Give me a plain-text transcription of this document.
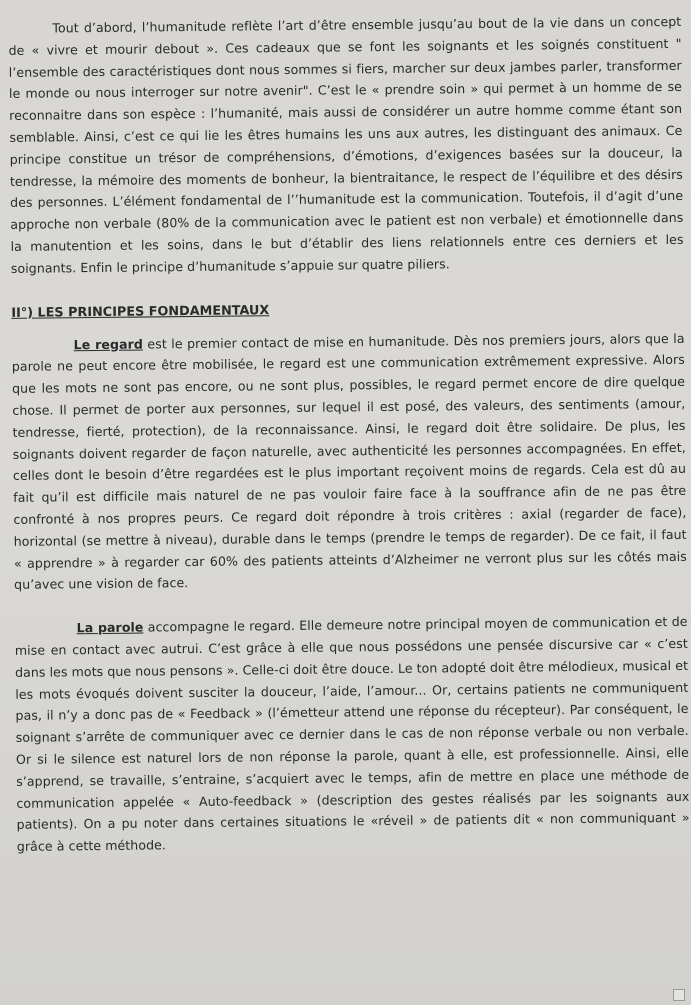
Tout d’abord, l’humanitude reflète l’art d’être ensemble jusqu’au bout de la vie dans un concept de « vivre et mourir debout ». Ces cadeaux que se font les soignants et les soignés constituent " l’ensemble des caractéristiques dont nous sommes si fiers, marcher sur deux jambes parler, transformer le monde ou nous interroger sur notre avenir". C’est le « prendre soin » qui permet à un homme de se reconnaitre dans son espèce : l’humanité, mais aussi de considérer un autre homme comme étant son semblable. Ainsi, c’est ce qui lie les êtres humains les uns aux autres, les distinguant des animaux. Ce principe constitue un trésor de compréhensions, d’émotions, d’exigences basées sur la douceur, la tendresse, la mémoire des moments de bonheur, la bientraitance, le respect de l’équilibre et des désirs des personnes. L’élément fondamental de l’’humanitude est la communication. Toutefois, il d’agit d’une approche non verbale (80% de la communication avec le patient est non verbale) et émotionnelle dans la manutention et les soins, dans le but d’établir des liens relationnels entre ces derniers et les soignants. Enfin le principe d’humanitude s’appuie sur quatre piliers.

II°) LES PRINCIPES FONDAMENTAUX

Le regard est le premier contact de mise en humanitude. Dès nos premiers jours, alors que la parole ne peut encore être mobilisée, le regard est une communication extrêmement expressive. Alors que les mots ne sont pas encore, ou ne sont plus, possibles, le regard permet encore de dire quelque chose. Il permet de porter aux personnes, sur lequel il est posé, des valeurs, des sentiments (amour, tendresse, fierté, protection), de la reconnaissance. Ainsi, le regard doit être solidaire. De plus, les soignants doivent regarder de façon naturelle, avec authenticité les personnes accompagnées. En effet, celles dont le besoin d’être regardées est le plus important reçoivent moins de regards. Cela est dû au fait qu’il est difficile mais naturel de ne pas vouloir faire face à la souffrance afin de ne pas être confronté à nos propres peurs. Ce regard doit répondre à trois critères : axial (regarder de face), horizontal (se mettre à niveau), durable dans le temps (prendre le temps de regarder). De ce fait, il faut « apprendre » à regarder car 60% des patients atteints d’Alzheimer ne verront plus sur les côtés mais qu’avec une vision de face.

La parole accompagne le regard. Elle demeure notre principal moyen de communication et de mise en contact avec autrui. C’est grâce à elle que nous possédons une pensée discursive car « c’est dans les mots que nous pensons ». Celle-ci doit être douce. Le ton adopté doit être mélodieux, musical et les mots évoqués doivent susciter la douceur, l’aide, l’amour... Or, certains patients ne communiquent pas, il n’y a donc pas de « Feedback » (l’émetteur attend une réponse du récepteur). Par conséquent, le soignant s’arrête de communiquer avec ce dernier dans le cas de non réponse verbale ou non verbale. Or si le silence est naturel lors de non réponse la parole, quant à elle, est professionnelle. Ainsi, elle s’apprend, se travaille, s’entraine, s’acquiert avec le temps, afin de mettre en place une méthode de communication appelée « Auto-feedback » (description des gestes réalisés par les soignants aux patients). On a pu noter dans certaines situations le «réveil » de patients dit « non communiquant » grâce à cette méthode.
